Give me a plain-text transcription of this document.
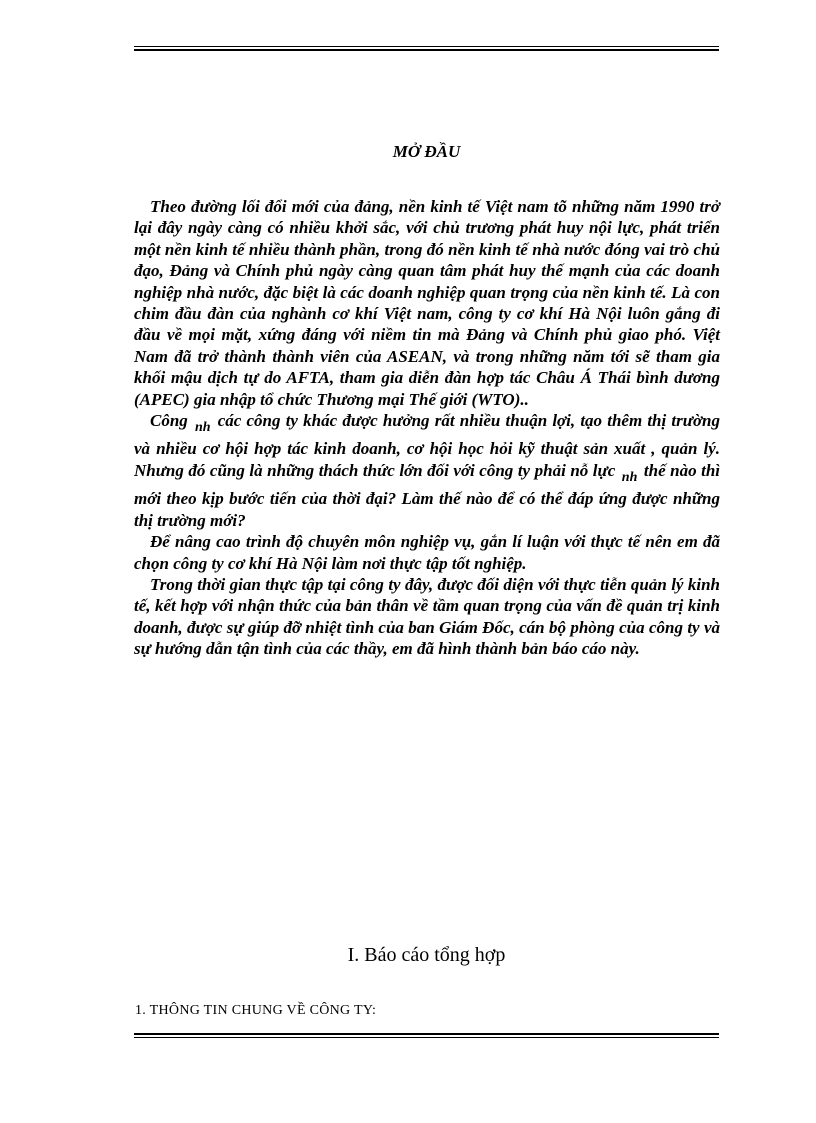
MỞ ĐẦU

Theo đường lối đổi mới của đảng, nền kinh tế Việt nam tõ những năm 1990 trở lại đây ngày càng có nhiều khởi sắc, với chủ trương phát huy nội lực, phát triển một nền kinh tế nhiều thành phần, trong đó nền kinh tế nhà nước đóng vai trò chủ đạo, Đảng và Chính phủ ngày càng quan tâm phát huy thế mạnh của các doanh nghiệp nhà nước, đặc biệt là các doanh nghiệp quan trọng của nền kinh tế. Là con chim đầu đàn của nghành cơ khí Việt nam, công ty cơ khí Hà Nội luôn gắng đi đầu về mọi mặt, xứng đáng với niềm tin mà Đảng và Chính phủ giao phó. Việt Nam đã trở thành thành viên của ASEAN, và trong những năm tới sẽ tham gia khối mậu dịch tự do AFTA, tham gia diễn đàn hợp tác Châu Á Thái bình dương (APEC) gia nhập tổ chức Thương mại Thế giới (WTO)..

Công $_{nh}$ các công ty khác được hưởng rất nhiều thuận lợi, tạo thêm thị trường và nhiều cơ hội hợp tác kinh doanh, cơ hội học hỏi kỹ thuật sản xuất , quản lý. Nhưng đó cũng là những thách thức lớn đối với công ty phải nỗ lực $_{nh}$ thế nào thì mới theo kịp bước tiến của thời đại? Làm thế nào để có thể đáp ứng được những thị trường mới?

Để nâng cao trình độ chuyên môn nghiệp vụ, gắn lí luận với thực tế nên em đã chọn công ty cơ khí Hà Nội làm nơi thực tập tốt nghiệp.

Trong thời gian thực tập tại công ty đây, được đối diện với thực tiễn quản lý kinh tế, kết hợp với nhận thức của bản thân về tầm quan trọng của vấn đề quản trị kinh doanh, được sự giúp đỡ nhiệt tình của ban Giám Đốc, cán bộ phòng của công ty và sự hướng dẫn tận tình của các thầy, em đã hình thành bản báo cáo này.

I. Báo cáo tổng hợp
1. THÔNG TIN CHUNG VỀ CÔNG TY:
